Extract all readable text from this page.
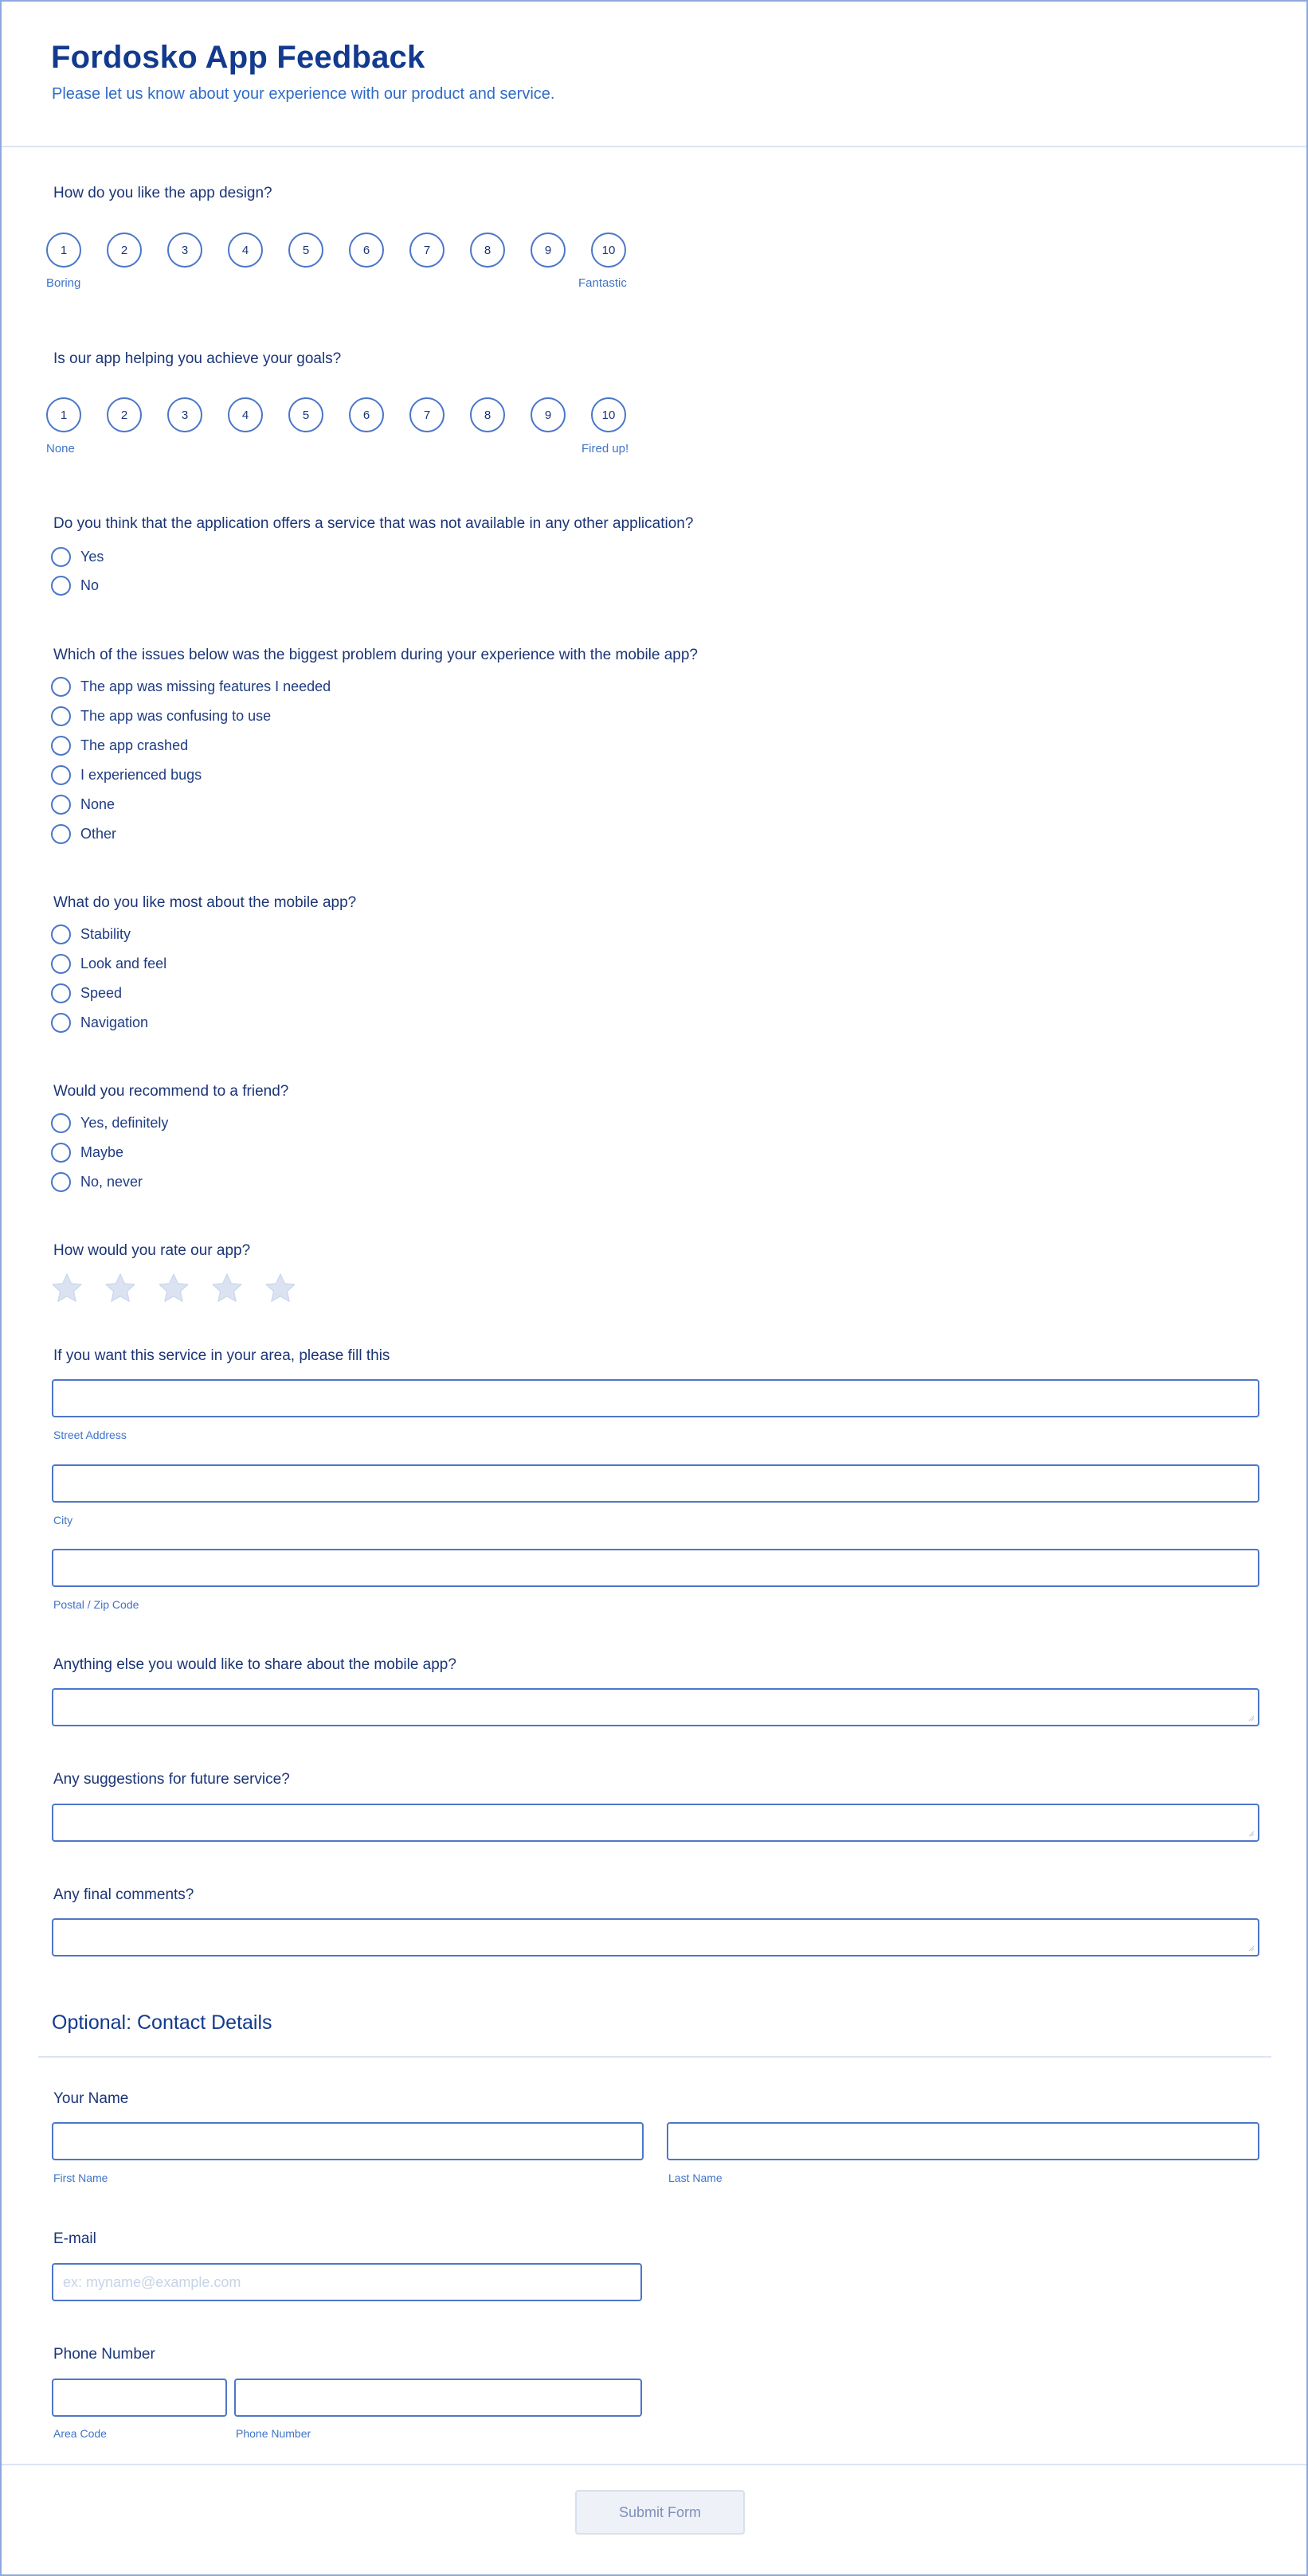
Fordosko App Feedback
Please let us know about your experience with our product and service.
How do you like the app design?
1	2	3	4	5	6	7	8	9	10
Boring	Fantastic
Is our app helping you achieve your goals?
1	2	3	4	5	6	7	8	9	10
None	Fired up!
Do you think that the application offers a service that was not available in any other application?
Yes
No
Which of the issues below was the biggest problem during your experience with the mobile app?
The app was missing features I needed
The app was confusing to use
The app crashed
I experienced bugs
None
Other
What do you like most about the mobile app?
Stability
Look and feel
Speed
Navigation
Would you recommend to a friend?
Yes, definitely
Maybe
No, never
How would you rate our app?
If you want this service in your area, please fill this
Street Address
City
Postal / Zip Code
Anything else you would like to share about the mobile app?
Any suggestions for future service?
Any final comments?
Optional: Contact Details
Your Name
First Name	Last Name
E-mail
ex: myname@example.com
Phone Number
Area Code	Phone Number
Submit Form
